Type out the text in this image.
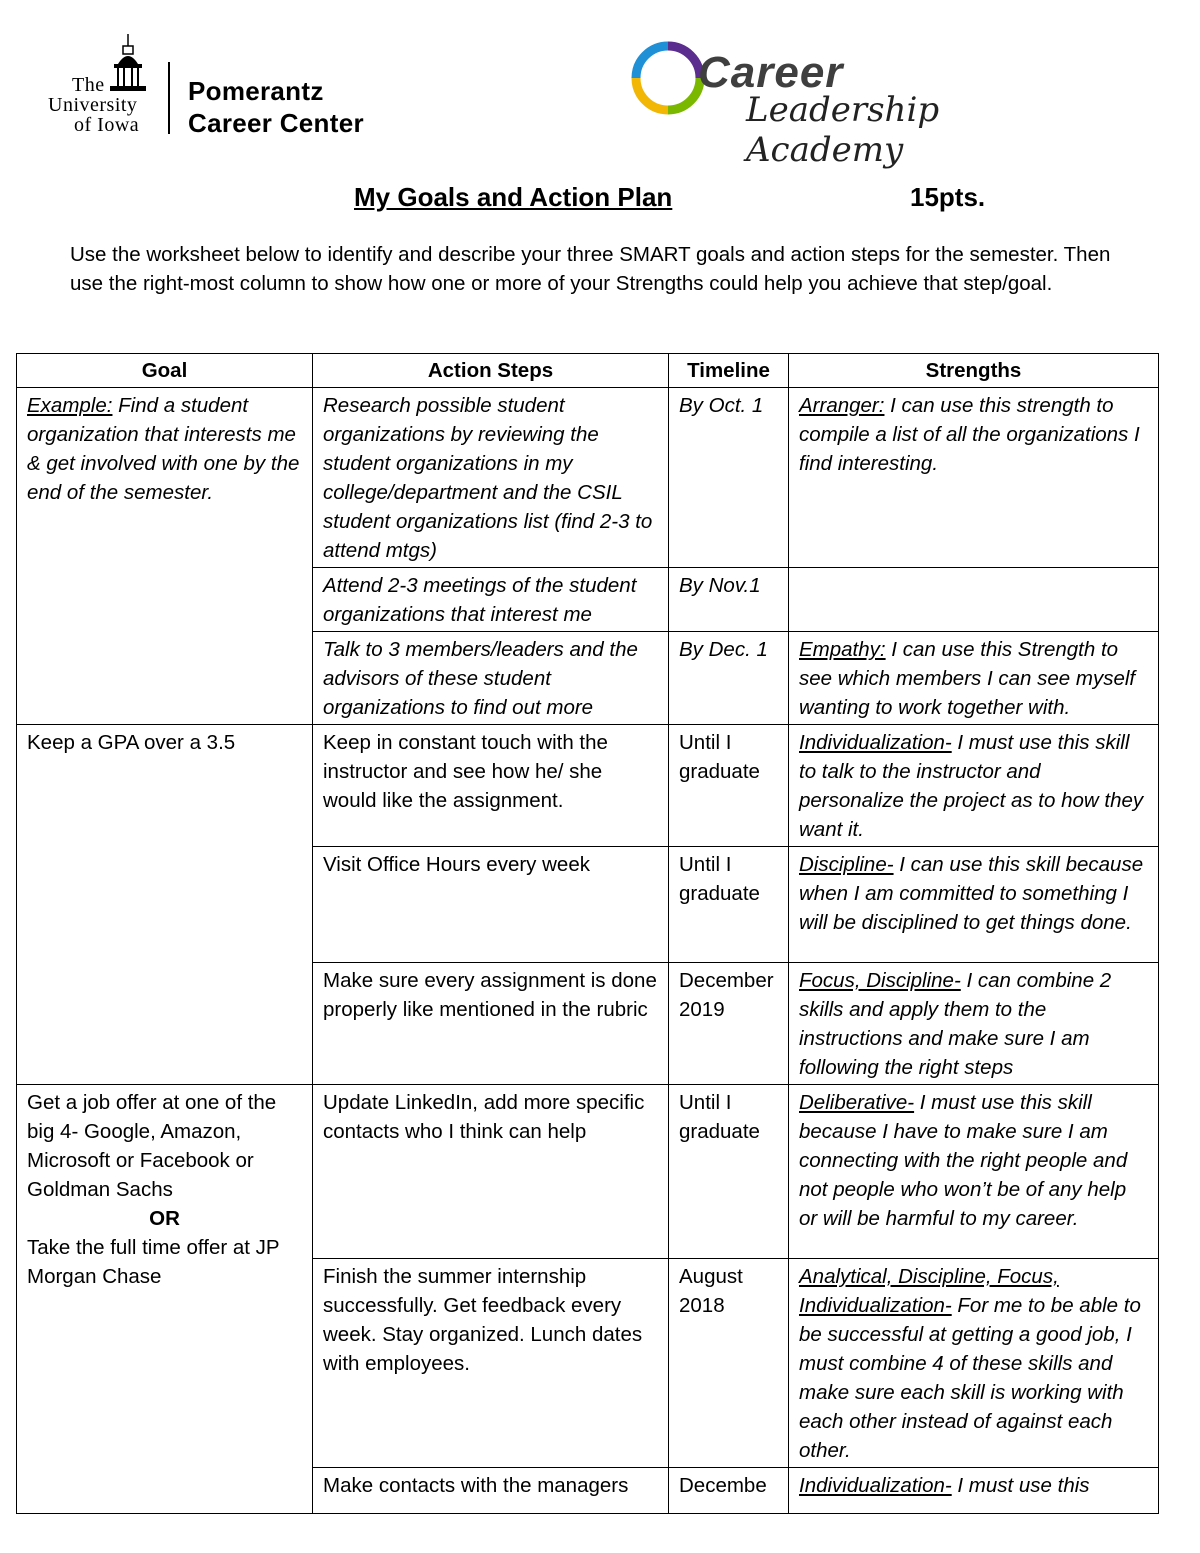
The
University
of Iowa
Pomerantz
Career Center
Career
Leadership Academy
My Goals and Action Plan	15pts.
Use the worksheet below to identify and describe your three SMART goals and action steps for the semester. Then use the right-most column to show how one or more of your Strengths could help you achieve that step/goal.
Goal	Action Steps	Timeline	Strengths
Example: Find a student organization that interests me & get involved with one by the end of the semester.	Research possible student organizations by reviewing the student organizations in my college/department and the CSIL student organizations list (find 2-3 to attend mtgs)	By Oct. 1	Arranger: I can use this strength to compile a list of all the organizations I find interesting.
	Attend 2-3 meetings of the student organizations that interest me	By Nov.1	
	Talk to 3 members/leaders and the advisors of these student organizations to find out more	By Dec. 1	Empathy: I can use this Strength to see which members I can see myself wanting to work together with.
Keep a GPA over a 3.5	Keep in constant touch with the instructor and see how he/ she would like the assignment.	Until I graduate	Individualization- I must use this skill to talk to the instructor and personalize the project as to how they want it.
	Visit Office Hours every week	Until I graduate	Discipline- I can use this skill because when I am committed to something I will be disciplined to get things done.
	Make sure every assignment is done properly like mentioned in the rubric	December 2019	Focus, Discipline- I can combine 2 skills and apply them to the instructions and make sure I am following the right steps

Get a job offer at one of the big 4- Google, Amazon, Microsoft or Facebook or Goldman Sachs
OR
Take the full time offer at JP Morgan Chase	Update LinkedIn, add more specific contacts who I think can help	Until I graduate	Deliberative- I must use this skill because I have to make sure I am connecting with the right people and not people who won’t be of any help or will be harmful to my career.
	Finish the summer internship successfully. Get feedback every week. Stay organized. Lunch dates with employees.	August 2018	Analytical, Discipline, Focus, Individualization- For me to be able to be successful at getting a good job, I must combine 4 of these skills and make sure each skill is working with each other instead of against each other.
	Make contacts with the managers	Decembe	Individualization- I must use this
